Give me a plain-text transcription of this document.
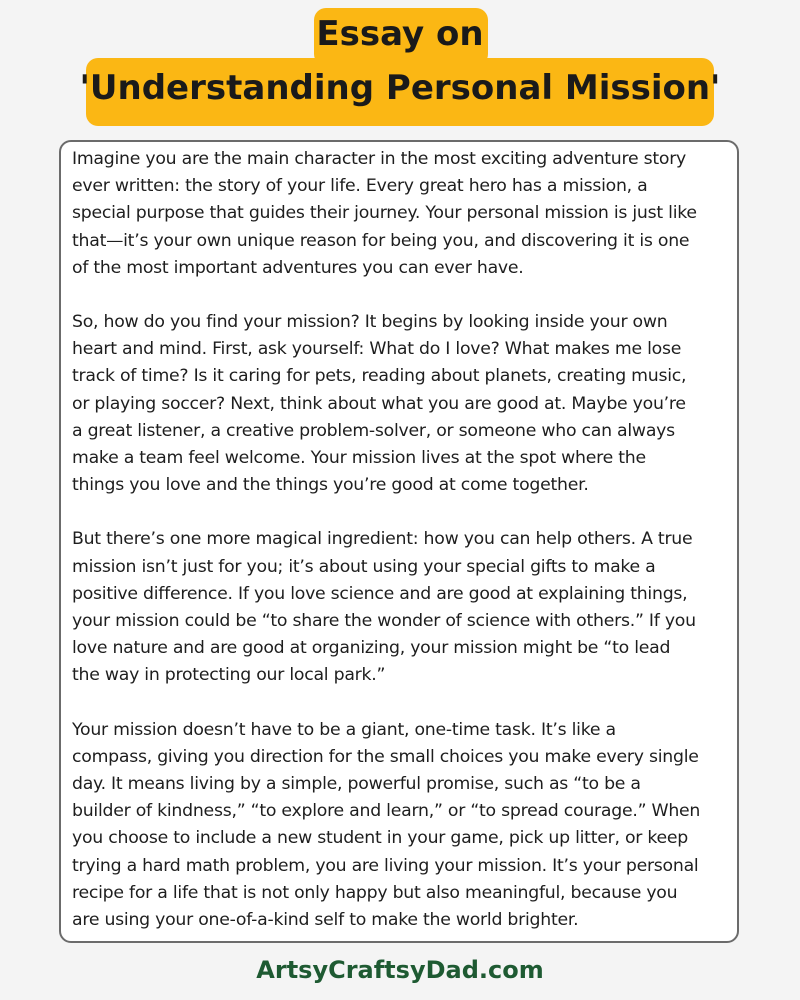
Essay on
'Understanding Personal Mission'
Imagine you are the main character in the most exciting adventure story
ever written: the story of your life. Every great hero has a mission, a
special purpose that guides their journey. Your personal mission is just like
that—it’s your own unique reason for being you, and discovering it is one
of the most important adventures you can ever have.
So, how do you find your mission? It begins by looking inside your own
heart and mind. First, ask yourself: What do I love? What makes me lose
track of time? Is it caring for pets, reading about planets, creating music,
or playing soccer? Next, think about what you are good at. Maybe you’re
a great listener, a creative problem-solver, or someone who can always
make a team feel welcome. Your mission lives at the spot where the
things you love and the things you’re good at come together.
But there’s one more magical ingredient: how you can help others. A true
mission isn’t just for you; it’s about using your special gifts to make a
positive difference. If you love science and are good at explaining things,
your mission could be “to share the wonder of science with others.” If you
love nature and are good at organizing, your mission might be “to lead
the way in protecting our local park.”
Your mission doesn’t have to be a giant, one-time task. It’s like a
compass, giving you direction for the small choices you make every single
day. It means living by a simple, powerful promise, such as “to be a
builder of kindness,” “to explore and learn,” or “to spread courage.” When
you choose to include a new student in your game, pick up litter, or keep
trying a hard math problem, you are living your mission. It’s your personal
recipe for a life that is not only happy but also meaningful, because you
are using your one-of-a-kind self to make the world brighter.
ArtsyCraftsyDad.com
